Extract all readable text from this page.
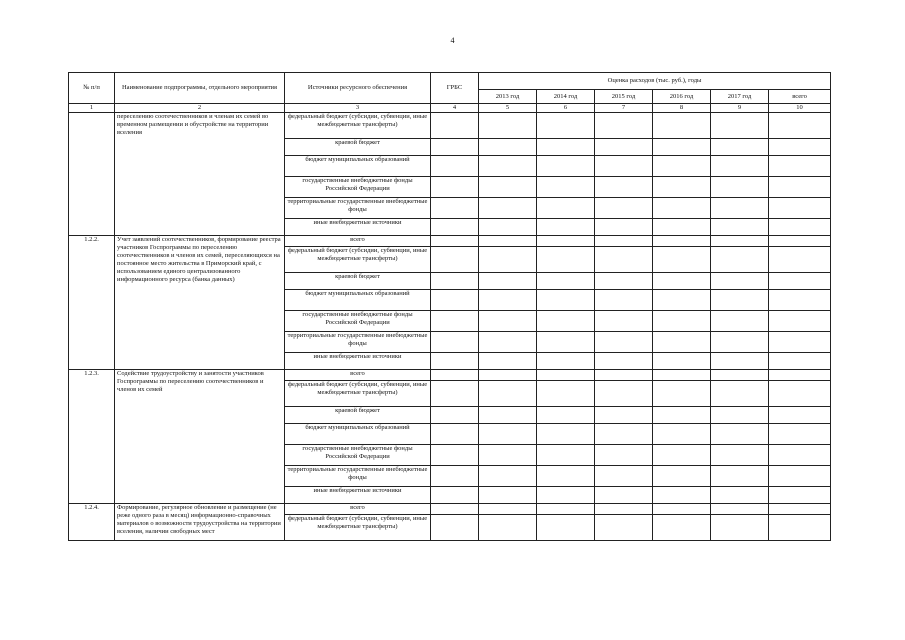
4
№ п/п	Наименование подпрограммы, отдельного мероприятия	Источники ресурсного обеспечения	ГРБС	Оценка расходов (тыс. руб.), годы					
				2013 год	2014 год	2015 год	2016 год	2017 год	всего
1	2	3	4	5	6	7	8	9	10
	переселению соотечественников и членам их семей во временном размещении и обустройстве на территории вселения	федеральный бюджет (субсидии, субвенции, иные межбюджетные трансферты)							
		краевой бюджет							
		бюджет муниципальных образований							
		государственные внебюджетные фонды Российской Федерации							
		территориальные государственные внебюджетные фонды							
		иные внебюджетные источники							
1.2.2.	Учет заявлений соотечественников, формирование реестра участников Госпрограммы по переселению соотечественников и членов их семей, переселяющихся на постоянное место жительства в Приморский край, с использованием единого централизованного информационного ресурса (банка данных)	всего							
		федеральный бюджет (субсидии, субвенции, иные межбюджетные трансферты)							
		краевой бюджет							
		бюджет муниципальных образований							
		государственные внебюджетные фонды Российской Федерации							
		территориальные государственные внебюджетные фонды							
		иные внебюджетные источники							
1.2.3.	Содействие трудоустройству и занятости участников Госпрограммы по переселению соотечественников и членов их семей	всего							
		федеральный бюджет (субсидии, субвенции, иные межбюджетные трансферты)							
		краевой бюджет							
		бюджет муниципальных образований							
		государственные внебюджетные фонды Российской Федерации							
		территориальные государственные внебюджетные фонды							
		иные внебюджетные источники							
1.2.4.	Формирование, регулярное обновление и размещение (не реже одного раза в месяц) информационно-справочных материалов о возможности трудоустройства на территории вселения, наличии свободных мест	всего							
		федеральный бюджет (субсидии, субвенции, иные межбюджетные трансферты)							
